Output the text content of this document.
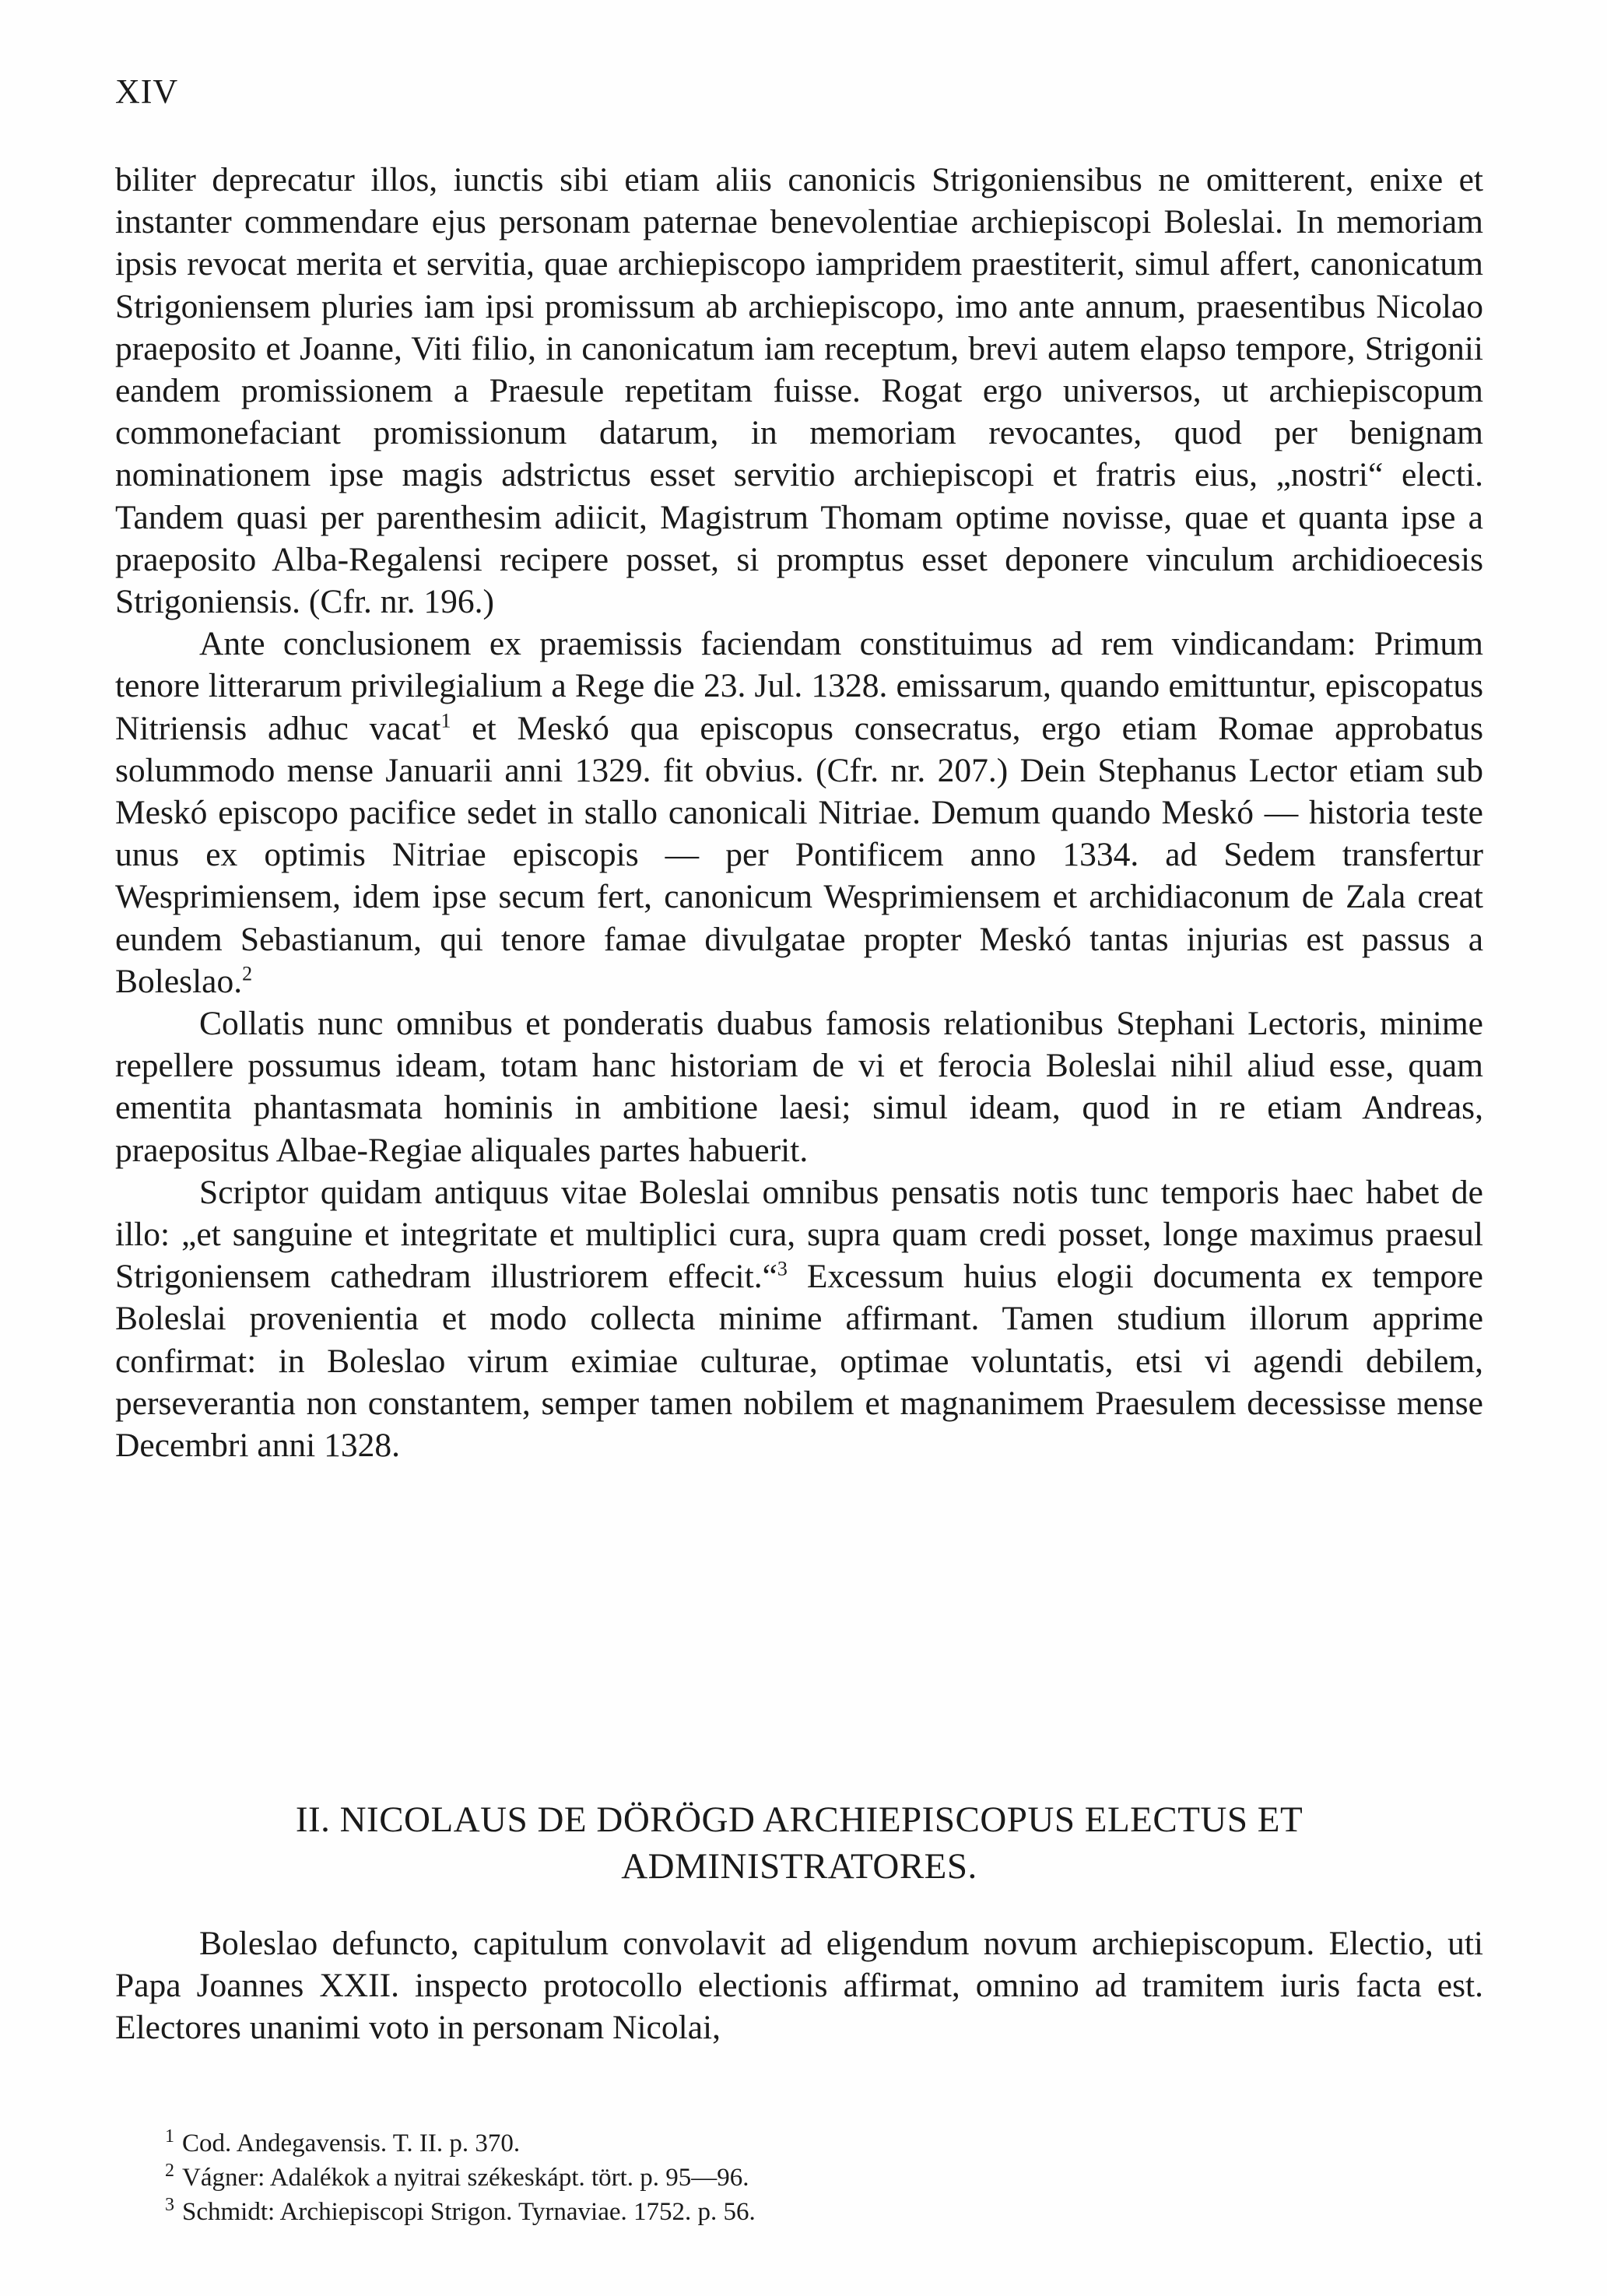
XIV

biliter deprecatur illos, iunctis sibi etiam aliis canonicis Strigoniensibus ne omitterent, enixe et instanter commendare ejus personam paternae benevolentiae archiepiscopi Boleslai. In memoriam ipsis revocat merita et servitia, quae archiepiscopo iampridem praestiterit, simul affert, canonicatum Strigoniensem pluries iam ipsi promissum ab archiepiscopo, imo ante annum, praesentibus Nicolao praeposito et Joanne, Viti filio, in canonicatum iam receptum, brevi autem elapso tempore, Strigonii eandem promissionem a Praesule repetitam fuisse. Rogat ergo universos, ut archiepiscopum commonefaciant promissionum datarum, in memoriam revocantes, quod per benignam nominationem ipse magis adstrictus esset servitio archiepiscopi et fratris eius, „nostri“ electi. Tandem quasi per parenthesim adiicit, Magistrum Thomam optime novisse, quae et quanta ipse a praeposito Alba-Regalensi recipere posset, si promptus esset deponere vinculum archidioecesis Strigoniensis. (Cfr. nr. 196.)

Ante conclusionem ex praemissis faciendam constituimus ad rem vindicandam: Primum tenore litterarum privilegialium a Rege die 23. Jul. 1328. emissarum, quando emittuntur, episcopatus Nitriensis adhuc vacat$^1$ et Meskó qua episcopus consecratus, ergo etiam Romae approbatus solummodo mense Januarii anni 1329. fit obvius. (Cfr. nr. 207.) Dein Stephanus Lector etiam sub Meskó episcopo pacifice sedet in stallo canonicali Nitriae. Demum quando Meskó — historia teste unus ex optimis Nitriae episcopis — per Pontificem anno 1334. ad Sedem transfertur Wesprimiensem, idem ipse secum fert, canonicum Wesprimiensem et archidiaconum de Zala creat eundem Sebastianum, qui tenore famae divulgatae propter Meskó tantas injurias est passus a Boleslao.$^2$

Collatis nunc omnibus et ponderatis duabus famosis relationibus Stephani Lectoris, minime repellere possumus ideam, totam hanc historiam de vi et ferocia Boleslai nihil aliud esse, quam ementita phantasmata hominis in ambitione laesi; simul ideam, quod in re etiam Andreas, praepositus Albae-Regiae aliquales partes habuerit.

Scriptor quidam antiquus vitae Boleslai omnibus pensatis notis tunc temporis haec habet de illo: „et sanguine et integritate et multiplici cura, supra quam credi posset, longe maximus praesul Strigoniensem cathedram illustriorem effecit.“$^3$ Excessum huius elogii documenta ex tempore Boleslai provenientia et modo collecta minime affirmant. Tamen studium illorum apprime confirmat: in Boleslao virum eximiae culturae, optimae voluntatis, etsi vi agendi debilem, perseverantia non constantem, semper tamen nobilem et magnanimem Praesulem decessisse mense Decembri anni 1328.

II. NICOLAUS DE DÖRÖGD ARCHIEPISCOPUS ELECTUS ET
ADMINISTRATORES.

Boleslao defuncto, capitulum convolavit ad eligendum novum archiepiscopum. Electio, uti Papa Joannes XXII. inspecto protocollo electionis affirmat, omnino ad tramitem iuris facta est. Electores unanimi voto in personam Nicolai,

$^1$ Cod. Andegavensis. T. II. p. 370.
$^2$ Vágner: Adalékok a nyitrai székeskápt. tört. p. 95—96.
$^3$ Schmidt: Archiepiscopi Strigon. Tyrnaviae. 1752. p. 56.
